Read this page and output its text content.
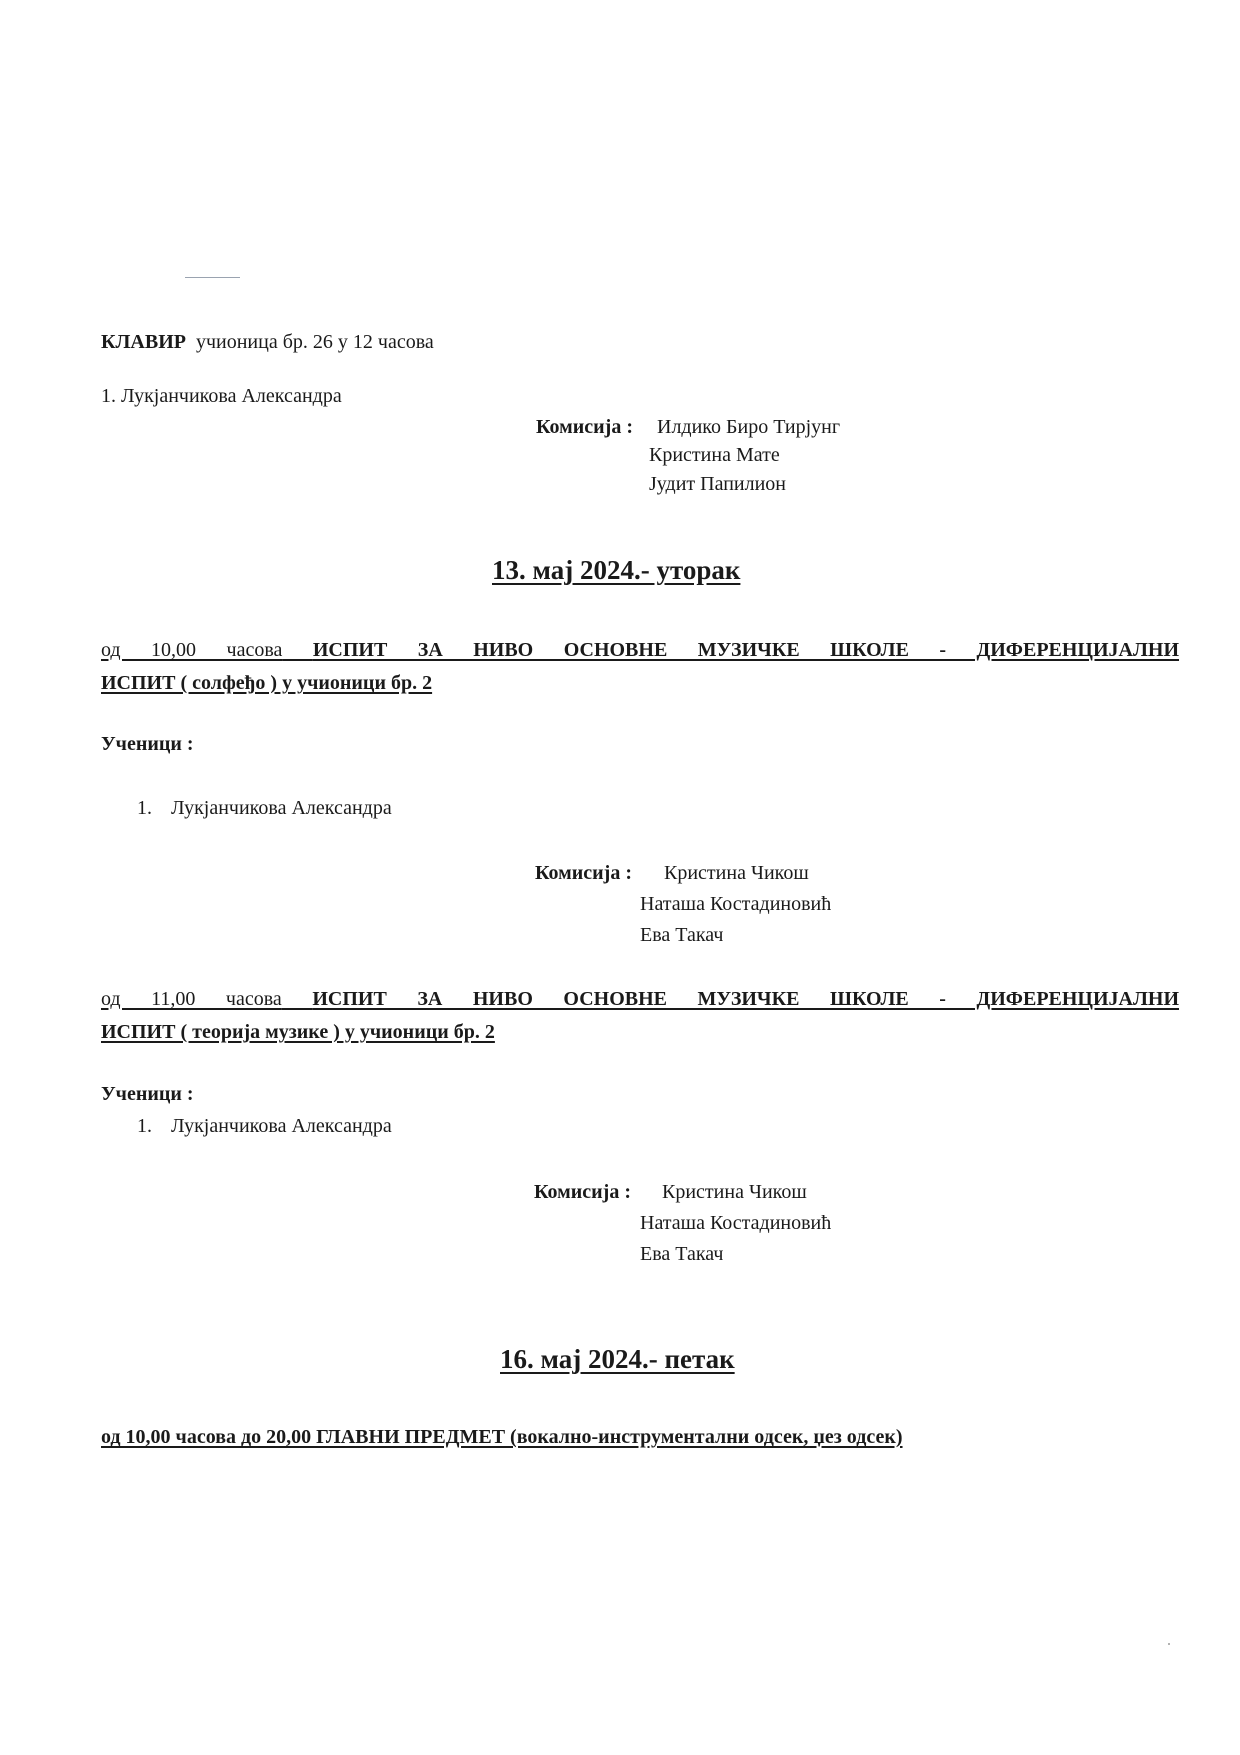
КЛАВИР учионица бр. 26 у 12 часова
1. Лукјанчикова Александра
Комисија : Илдико Биро Тирјунг
Кристина Мате
Јудит Папилион
13. мај 2024.- уторак
од 10,00 часова ИСПИТ ЗА НИВО ОСНОВНЕ МУЗИЧКЕ ШКОЛЕ - ДИФЕРЕНЦИЈАЛНИ
ИСПИТ ( солфеђо ) у учионици бр. 2
Ученици :
1. Лукјанчикова Александра
Комисија : Кристина Чикош
Наташа Костадиновић
Ева Такач
од 11,00 часова ИСПИТ ЗА НИВО ОСНОВНЕ МУЗИЧКЕ ШКОЛЕ - ДИФЕРЕНЦИЈАЛНИ
ИСПИТ ( теорија музике ) у учионици бр. 2
Ученици :
1. Лукјанчикова Александра
Комисија : Кристина Чикош
Наташа Костадиновић
Ева Такач
16. мај 2024.- петак
од 10,00 часова до 20,00 ГЛАВНИ ПРЕДМЕТ (вокално-инструментални одсек, џез одсек)
